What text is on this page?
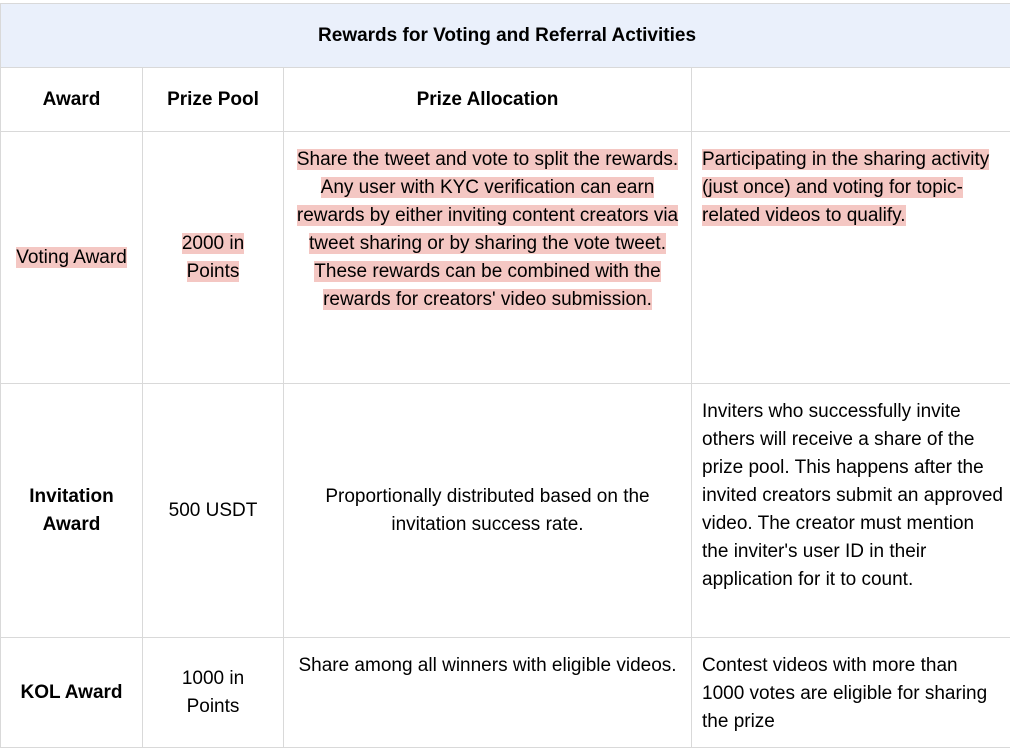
Rewards for Voting and Referral Activities			
Award	Prize Pool	Prize Allocation	
Voting Award	2000 in Points	Share the tweet and vote to split the rewards. Any user with KYC verification can earn rewards by either inviting content creators via tweet sharing or by sharing the vote tweet. These rewards can be combined with the rewards for creators' video submission.	Participating in the sharing activity (just once) and voting for topic-related videos to qualify.
Invitation Award	500 USDT	Proportionally distributed based on the invitation success rate.	Inviters who successfully invite others will receive a share of the prize pool. This happens after the invited creators submit an approved video. The creator must mention the inviter's user ID in their application for it to count.
KOL Award	1000 in Points	Share among all winners with eligible videos.	Contest videos with more than 1000 votes are eligible for sharing the prize
